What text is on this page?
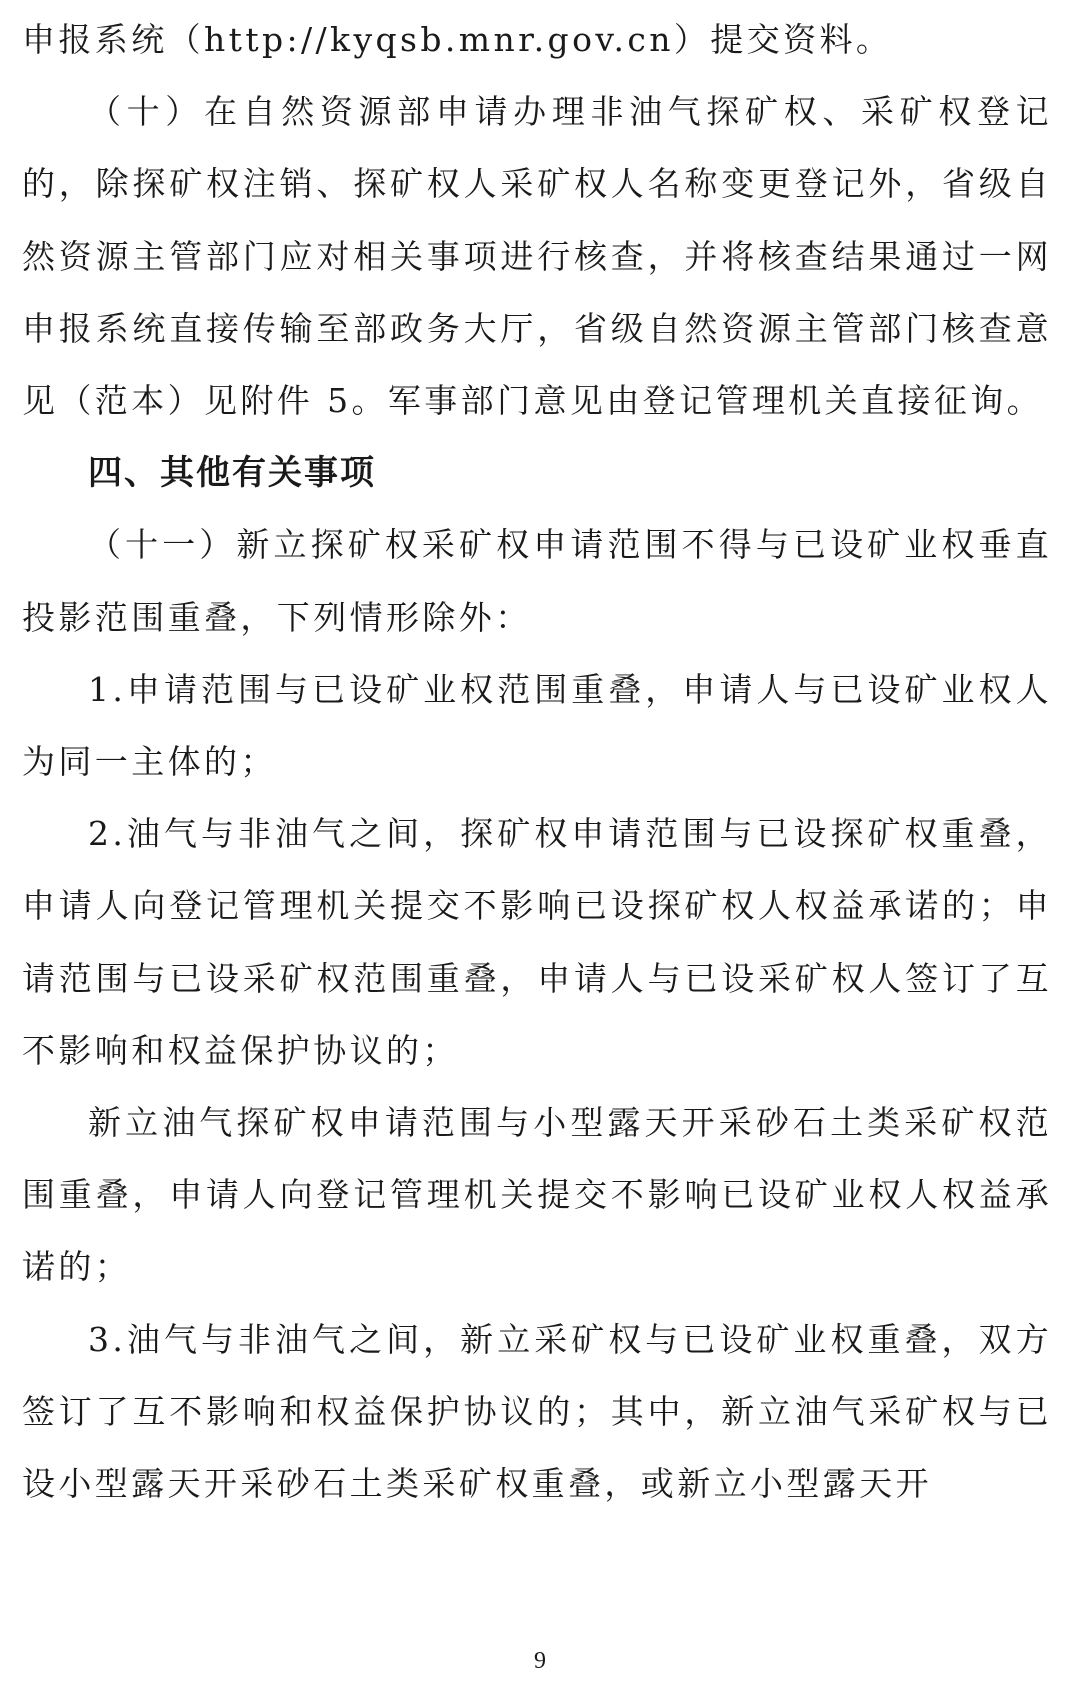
申报系统（http://kyqsb.mnr.gov.cn）提交资料。

（十）在自然资源部申请办理非油气探矿权、采矿权登记的，除探矿权注销、探矿权人采矿权人名称变更登记外，省级自然资源主管部门应对相关事项进行核查，并将核查结果通过一网申报系统直接传输至部政务大厅，省级自然资源主管部门核查意见（范本）见附件 5。军事部门意见由登记管理机关直接征询。

四、其他有关事项

（十一）新立探矿权采矿权申请范围不得与已设矿业权垂直投影范围重叠，下列情形除外：

1.申请范围与已设矿业权范围重叠，申请人与已设矿业权人为同一主体的；

2.油气与非油气之间，探矿权申请范围与已设探矿权重叠，申请人向登记管理机关提交不影响已设探矿权人权益承诺的；申请范围与已设采矿权范围重叠，申请人与已设采矿权人签订了互不影响和权益保护协议的；

新立油气探矿权申请范围与小型露天开采砂石土类采矿权范围重叠，申请人向登记管理机关提交不影响已设矿业权人权益承诺的；

3.油气与非油气之间，新立采矿权与已设矿业权重叠，双方签订了互不影响和权益保护协议的；其中，新立油气采矿权与已设小型露天开采砂石土类采矿权重叠，或新立小型露天开

9
